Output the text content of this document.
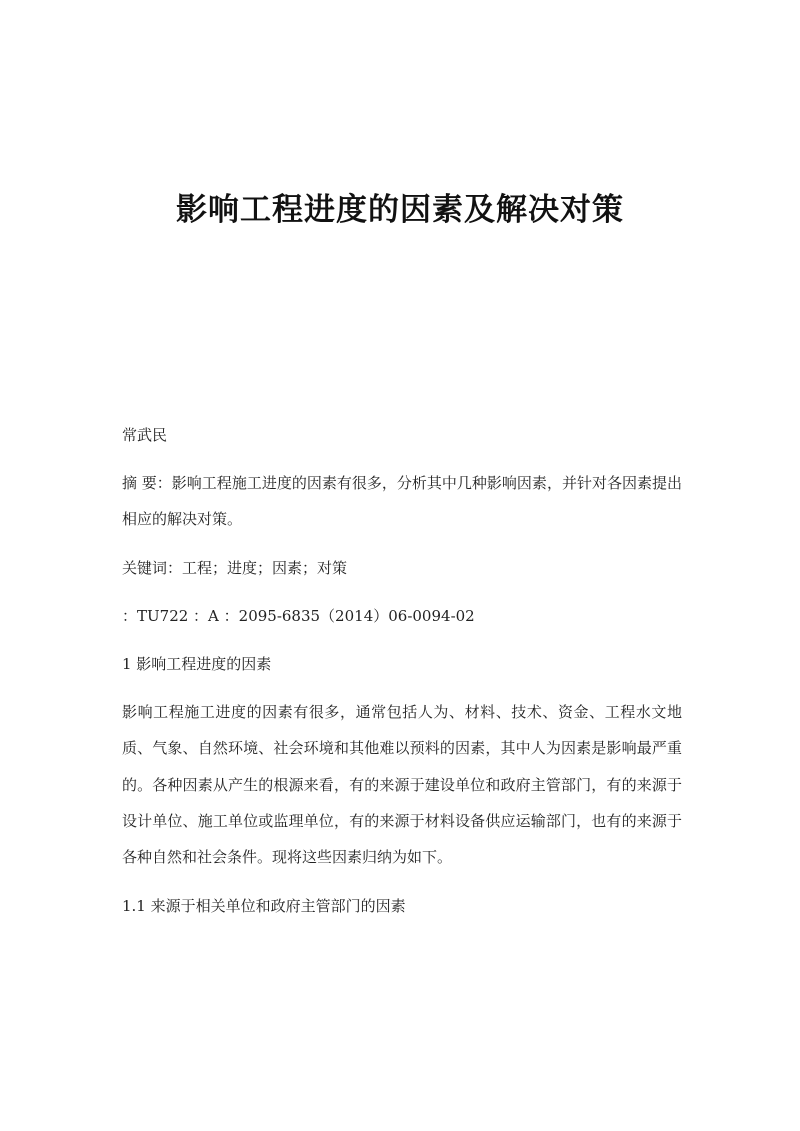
影响工程进度的因素及解决对策

常武民

摘 要：影响工程施工进度的因素有很多，分析其中几种影响因素，并针对各因素提出相应的解决对策。

关键词：工程；进度；因素；对策

：TU722 ：A ：2095-6835（2014）06-0094-02

1 影响工程进度的因素

影响工程施工进度的因素有很多，通常包括人为、材料、技术、资金、工程水文地质、气象、自然环境、社会环境和其他难以预料的因素，其中人为因素是影响最严重的。各种因素从产生的根源来看，有的来源于建设单位和政府主管部门，有的来源于设计单位、施工单位或监理单位，有的来源于材料设备供应运输部门，也有的来源于各种自然和社会条件。现将这些因素归纳为如下。

1.1 来源于相关单位和政府主管部门的因素
